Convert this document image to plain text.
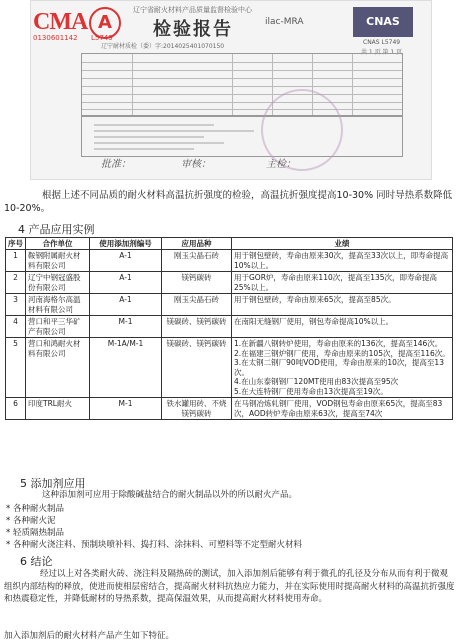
CMA
0130601142
A
L5749
辽宁省耐火材料产品质量监督检验中心
检验报告	ilac-MRA	CNAS
CNAS L5749
辽宁耐材质检（委）字:2014025401070150
共 1 页 第 1 页
批准：	审核：	主检：
根据上述不同品质的耐火材料高温抗折强度的检验，高温抗折强度提高10-30% 同时导热系数降低10-20%。
4 产品应用实例
序号	合作单位	使用添加剂编号	应用品种	业绩
1	鞍钢附属耐火材料有限公司	A-1	刚玉尖晶石砖	用于钢包壁砖，寿命由原来30次，提高至33次以上，即寿命提高10%以上。
2	辽宁中钢冠盛股份有限公司	A-1	镁钙碳砖	用于GOR炉，寿命由原来110次，提高至135次，即寿命提高25%以上。
3	河南海格尔高温材料有限公司	A-1	刚玉尖晶石砖	用于钢包壁砖，寿命由原来65次，提高至85次。
4	营口和平三华矿产有限公司	M-1	镁碳砖、镁钙碳砖	在南阳无缝钢厂使用，钢包寿命提高10%以上。
5	营口和鸿耐火材料有限公司	M-1A/M-1	镁碳砖、镁钙碳砖	1.在新疆八钢转炉使用，寿命由原来的136次，提高至146次。
2.在福建三钢炉钢厂使用，寿命由原来的105次，提高至116次。
3.在太钢二钢厂90吨VOD使用，寿命由原来的10次，提高至13次。
4.在山东泰钢钢厂120MT使用由83次提高至95次
5.在大连特钢厂使用寿命由13次提高至19次。
6	印度TRL耐火	M-1	铁水罐用砖、不烧镁钙碳砖	在马钢冶炼轧钢厂使用，VOD钢包寿命由原来65次，提高至83次，AOD转炉寿命由原来63次，提高至74次
5 添加剂应用
这种添加剂可应用于除酸碱盐结合的耐火制品以外的所以耐火产品。
* 各种耐火制品
* 各种耐火泥
* 轻质隔热制品
* 各种耐火浇注料、预制块喷补料、捣打料、涂抹料、可塑料等不定型耐火材料
6 结论
经过以上对各类耐火砖、浇注料及隔热砖的测试，加入添加剂后能够有利于微孔的孔径及分布从而有利于微观组织内部结构的释放，使进而使相层密结合，提高耐火材料抗热应力能力，并在实际使用时提高耐火材料的高温抗折强度和热震稳定性，并降低耐材的导热系数，提高保温效果，从而提高耐火材料使用寿命。
加入添加剂后的耐火材料产品产生如下特征。
